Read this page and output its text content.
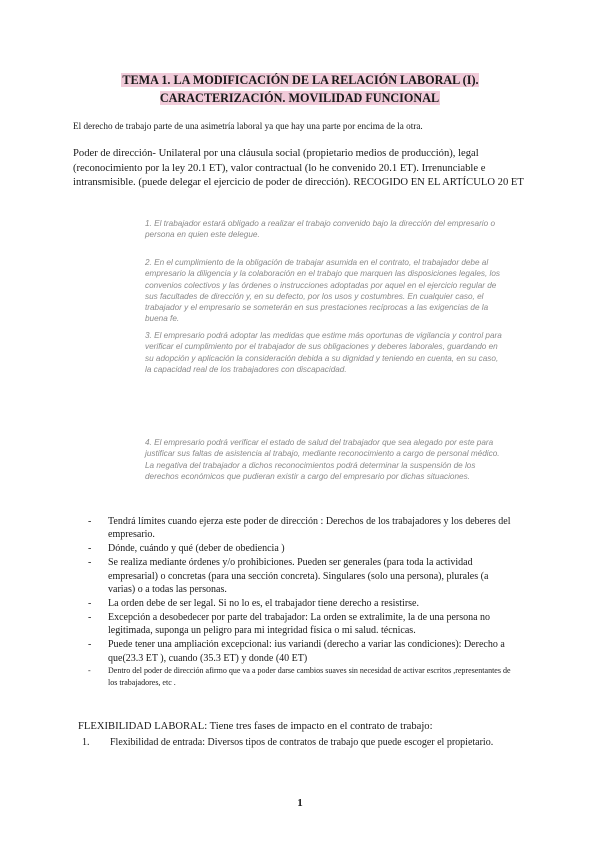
TEMA 1. LA MODIFICACIÓN DE LA RELACIÓN LABORAL (I). CARACTERIZACIÓN. MOVILIDAD FUNCIONAL
El derecho de trabajo parte de una asimetría laboral ya que hay una parte por encima de la otra.
Poder de dirección- Unilateral por una cláusula social (propietario medios de producción), legal (reconocimiento por la ley 20.1 ET), valor contractual (lo he convenido 20.1 ET). Irrenunciable e intransmisible. (puede delegar el ejercicio de poder de dirección). RECOGIDO EN EL ARTÍCULO 20 ET
1. El trabajador estará obligado a realizar el trabajo convenido bajo la dirección del empresario o persona en quien este delegue.
2. En el cumplimiento de la obligación de trabajar asumida en el contrato, el trabajador debe al empresario la diligencia y la colaboración en el trabajo que marquen las disposiciones legales, los convenios colectivos y las órdenes o instrucciones adoptadas por aquel en el ejercicio regular de sus facultades de dirección y, en su defecto, por los usos y costumbres. En cualquier caso, el trabajador y el empresario se someterán en sus prestaciones recíprocas a las exigencias de la buena fe.
3. El empresario podrá adoptar las medidas que estime más oportunas de vigilancia y control para verificar el cumplimiento por el trabajador de sus obligaciones y deberes laborales, guardando en su adopción y aplicación la consideración debida a su dignidad y teniendo en cuenta, en su caso, la capacidad real de los trabajadores con discapacidad.
4. El empresario podrá verificar el estado de salud del trabajador que sea alegado por este para justificar sus faltas de asistencia al trabajo, mediante reconocimiento a cargo de personal médico. La negativa del trabajador a dichos reconocimientos podrá determinar la suspensión de los derechos económicos que pudieran existir a cargo del empresario por dichas situaciones.
- Tendrá límites cuando ejerza este poder de dirección : Derechos de los trabajadores y los deberes del empresario.
- Dónde, cuándo y qué (deber de obediencia )
- Se realiza mediante órdenes y/o prohibiciones. Pueden ser generales (para toda la actividad empresarial) o concretas (para una sección concreta). Singulares (solo una persona), plurales (a varias) o a todas las personas.
- La orden debe de ser legal. Si no lo es, el trabajador tiene derecho a resistirse.
- Excepción a desobedecer por parte del trabajador: La orden se extralimite, la de una persona no legitimada, suponga un peligro para mi integridad física o mi salud. técnicas.
- Puede tener una ampliación excepcional: ius variandi (derecho a variar las condiciones): Derecho a que(23.3 ET ), cuando (35.3 ET) y donde (40 ET)
- Dentro del poder de dirección afirmo que va a poder darse cambios suaves sin necesidad de activar escritos ,representantes de los trabajadores, etc .
FLEXIBILIDAD LABORAL: Tiene tres fases de impacto en el contrato de trabajo:
1. Flexibilidad de entrada: Diversos tipos de contratos de trabajo que puede escoger el propietario.
1
